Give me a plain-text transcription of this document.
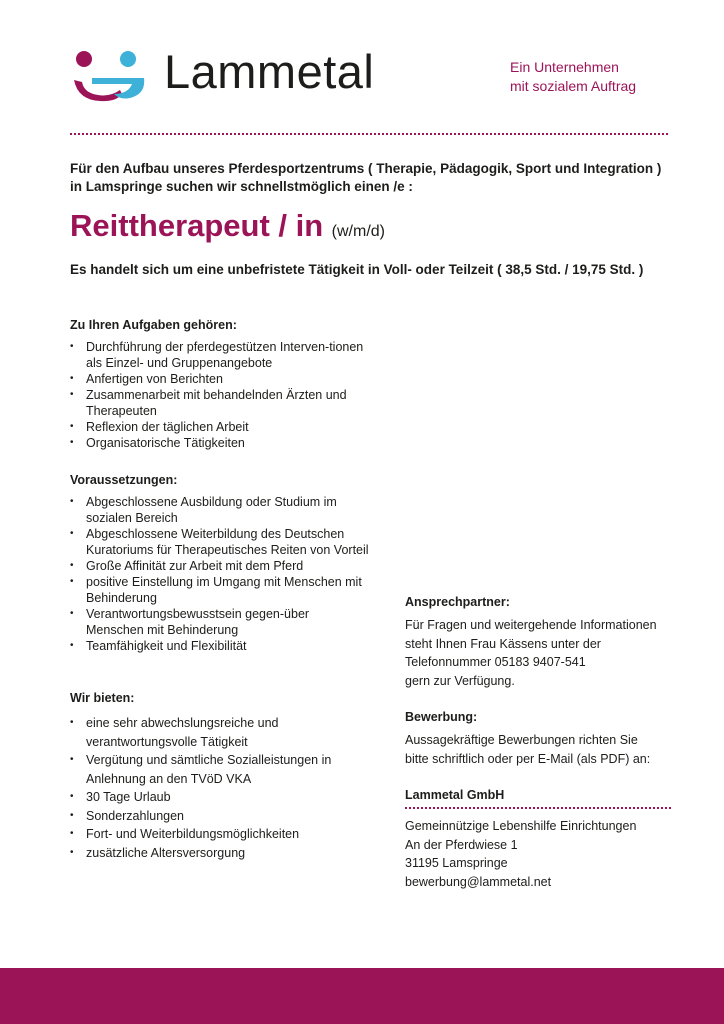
Lammetal	Ein Unternehmen
mit sozialem Auftrag
Für den Aufbau unseres Pferdesportzentrums ( Therapie, Pädagogik, Sport und Integration )
in Lamspringe suchen wir schnellstmöglich einen /e :
Reittherapeut / in (w/m/d)
Es handelt sich um eine unbefristete Tätigkeit in Voll- oder Teilzeit ( 38,5 Std. / 19,75 Std. )
Zu Ihren Aufgaben gehören:
• Durchführung der pferdegestützen Interven-tionen als Einzel- und Gruppenangebote
• Anfertigen von Berichten
• Zusammenarbeit mit behandelnden Ärzten und Therapeuten
• Reflexion der täglichen Arbeit
• Organisatorische Tätigkeiten
Voraussetzungen:
• Abgeschlossene Ausbildung oder Studium im sozialen Bereich
• Abgeschlossene Weiterbildung des Deutschen Kuratoriums für Therapeutisches Reiten von Vorteil
• Große Affinität zur Arbeit mit dem Pferd
• positive Einstellung im Umgang mit Menschen mit Behinderung
• Verantwortungsbewusstsein gegen-über Menschen mit Behinderung
• Teamfähigkeit und Flexibilität
Wir bieten:
• eine sehr abwechslungsreiche und verantwortungsvolle Tätigkeit
• Vergütung und sämtliche Sozialleistungen in Anlehnung an den TVöD VKA
• 30 Tage Urlaub
• Sonderzahlungen
• Fort- und Weiterbildungsmöglichkeiten
• zusätzliche Altersversorgung
Ansprechpartner:

Für Fragen und weitergehende Informationen
steht Ihnen Frau Kässens unter der
Telefonnummer 05183 9407-541
gern zur Verfügung.

Bewerbung:

Aussagekräftige Bewerbungen richten Sie
bitte schriftlich oder per E-Mail (als PDF) an:

Lammetal GmbH

Gemeinnützige Lebenshilfe Einrichtungen
An der Pferdwiese 1
31195 Lamspringe
bewerbung@lammetal.net
